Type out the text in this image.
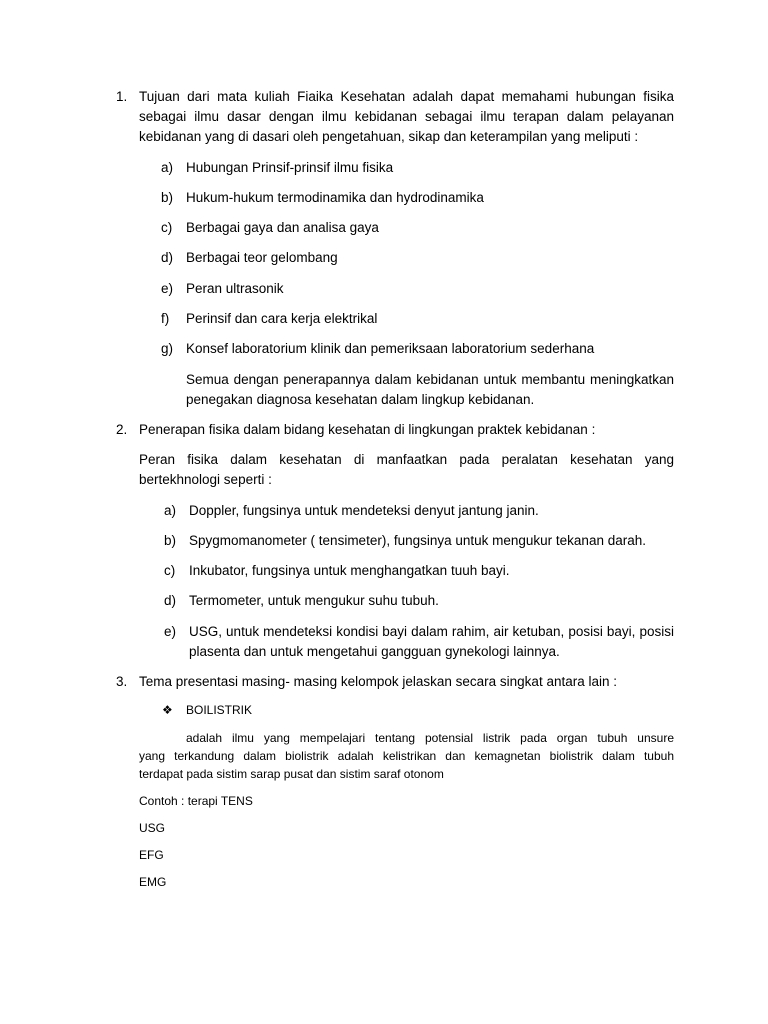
1. Tujuan dari mata kuliah Fiaika Kesehatan adalah dapat memahami hubungan fisika sebagai ilmu dasar dengan ilmu kebidanan sebagai ilmu terapan dalam pelayanan kebidanan yang di dasari oleh pengetahuan, sikap dan keterampilan yang meliputi :
a) Hubungan Prinsif-prinsif ilmu fisika
b) Hukum-hukum termodinamika dan hydrodinamika
c) Berbagai gaya dan analisa gaya
d) Berbagai teor gelombang
e) Peran ultrasonik
f) Perinsif dan cara kerja elektrikal
g) Konsef laboratorium klinik dan pemeriksaan laboratorium sederhana
Semua dengan penerapannya dalam kebidanan untuk membantu meningkatkan penegakan diagnosa kesehatan dalam lingkup kebidanan.
2. Penerapan fisika dalam bidang kesehatan di lingkungan praktek kebidanan :
Peran fisika dalam kesehatan di manfaatkan pada peralatan kesehatan yang bertekhnologi seperti :
a) Doppler, fungsinya untuk mendeteksi denyut jantung janin.
b) Spygmomanometer ( tensimeter), fungsinya untuk mengukur tekanan darah.
c) Inkubator, fungsinya untuk menghangatkan tuuh bayi.
d) Termometer, untuk mengukur suhu tubuh.
e) USG, untuk mendeteksi kondisi bayi dalam rahim, air ketuban, posisi bayi, posisi plasenta dan untuk mengetahui gangguan gynekologi lainnya.
3. Tema presentasi masing- masing kelompok jelaskan secara singkat antara lain :
❖ BOILISTRIK
adalah ilmu yang mempelajari tentang potensial listrik pada organ tubuh unsure
yang terkandung dalam biolistrik adalah kelistrikan dan kemagnetan biolistrik dalam tubuh
terdapat pada sistim sarap pusat dan sistim saraf otonom
Contoh : terapi TENS
USG
EFG
EMG
